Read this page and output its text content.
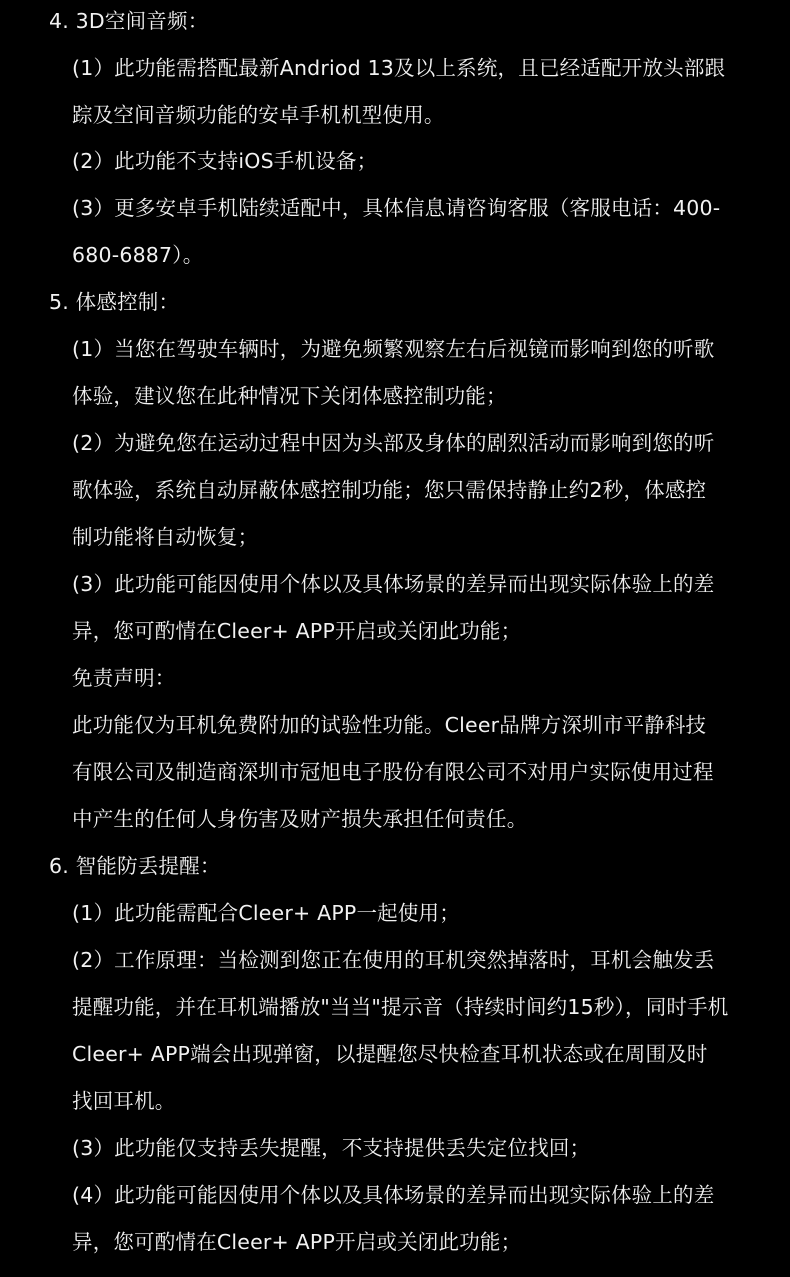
4. 3D空间音频：
(1）此功能需搭配最新Andriod 13及以上系统，且已经适配开放头部跟
踪及空间音频功能的安卓手机机型使用。
(2）此功能不支持iOS手机设备；
(3）更多安卓手机陆续适配中，具体信息请咨询客服（客服电话：400-
680-6887）。
5. 体感控制：
(1）当您在驾驶车辆时，为避免频繁观察左右后视镜而影响到您的听歌
体验，建议您在此种情况下关闭体感控制功能；
(2）为避免您在运动过程中因为头部及身体的剧烈活动而影响到您的听
歌体验，系统自动屏蔽体感控制功能；您只需保持静止约2秒，体感控
制功能将自动恢复；
(3）此功能可能因使用个体以及具体场景的差异而出现实际体验上的差
异，您可酌情在Cleer+ APP开启或关闭此功能；
免责声明：
此功能仅为耳机免费附加的试验性功能。Cleer品牌方深圳市平静科技
有限公司及制造商深圳市冠旭电子股份有限公司不对用户实际使用过程
中产生的任何人身伤害及财产损失承担任何责任。
6. 智能防丢提醒：
(1）此功能需配合Cleer+ APP一起使用；
(2）工作原理：当检测到您正在使用的耳机突然掉落时，耳机会触发丢
提醒功能，并在耳机端播放"当当"提示音（持续时间约15秒），同时手机
Cleer+ APP端会出现弹窗，以提醒您尽快检查耳机状态或在周围及时
找回耳机。
(3）此功能仅支持丢失提醒，不支持提供丢失定位找回；
(4）此功能可能因使用个体以及具体场景的差异而出现实际体验上的差
异，您可酌情在Cleer+ APP开启或关闭此功能；
